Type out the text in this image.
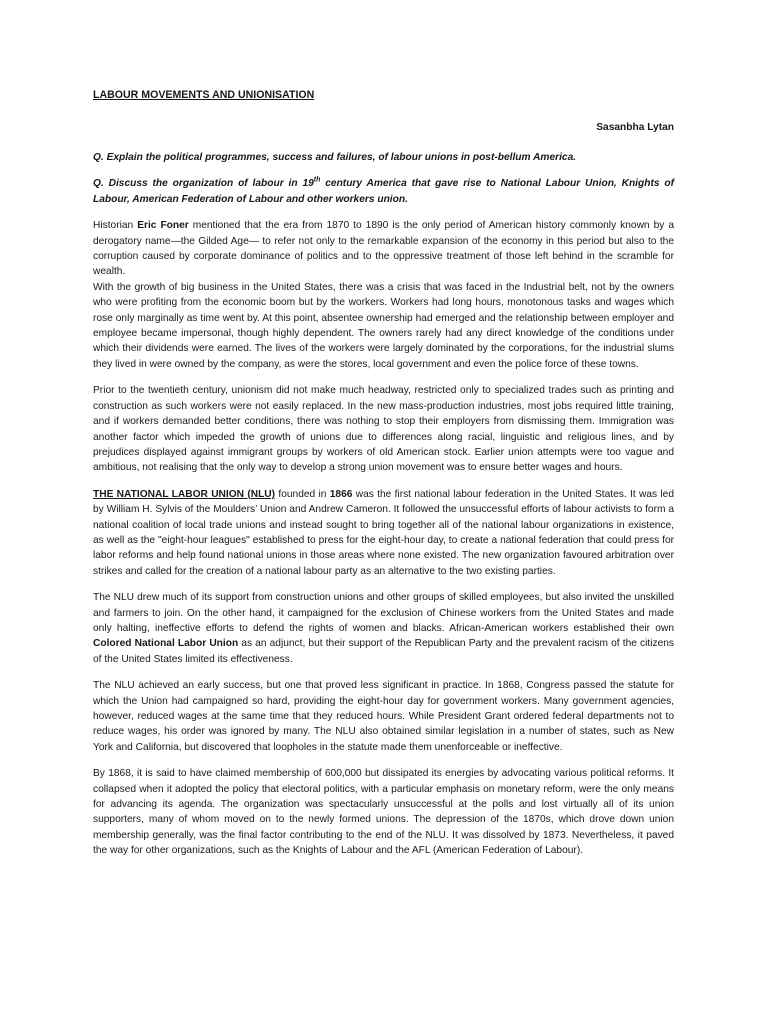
LABOUR MOVEMENTS AND UNIONISATION
Sasanbha Lytan
Q. Explain the political programmes, success and failures, of labour unions in post-bellum America.
Q. Discuss the organization of labour in 19th century America that gave rise to National Labour Union, Knights of Labour, American Federation of Labour and other workers union.
Historian Eric Foner mentioned that the era from 1870 to 1890 is the only period of American history commonly known by a derogatory name—the Gilded Age— to refer not only to the remarkable expansion of the economy in this period but also to the corruption caused by corporate dominance of politics and to the oppressive treatment of those left behind in the scramble for wealth.
With the growth of big business in the United States, there was a crisis that was faced in the Industrial belt, not by the owners who were profiting from the economic boom but by the workers. Workers had long hours, monotonous tasks and wages which rose only marginally as time went by. At this point, absentee ownership had emerged and the relationship between employer and employee became impersonal, though highly dependent. The owners rarely had any direct knowledge of the conditions under which their dividends were earned. The lives of the workers were largely dominated by the corporations, for the industrial slums they lived in were owned by the company, as were the stores, local government and even the police force of these towns.
Prior to the twentieth century, unionism did not make much headway, restricted only to specialized trades such as printing and construction as such workers were not easily replaced. In the new mass-production industries, most jobs required little training, and if workers demanded better conditions, there was nothing to stop their employers from dismissing them. Immigration was another factor which impeded the growth of unions due to differences along racial, linguistic and religious lines, and by prejudices displayed against immigrant groups by workers of old American stock. Earlier union attempts were too vague and ambitious, not realising that the only way to develop a strong union movement was to ensure better wages and hours.
THE NATIONAL LABOR UNION (NLU) founded in 1866 was the first national labour federation in the United States. It was led by William H. Sylvis of the Moulders’ Union and Andrew Cameron. It followed the unsuccessful efforts of labour activists to form a national coalition of local trade unions and instead sought to bring together all of the national labour organizations in existence, as well as the "eight-hour leagues" established to press for the eight-hour day, to create a national federation that could press for labor reforms and help found national unions in those areas where none existed. The new organization favoured arbitration over strikes and called for the creation of a national labour party as an alternative to the two existing parties.
The NLU drew much of its support from construction unions and other groups of skilled employees, but also invited the unskilled and farmers to join. On the other hand, it campaigned for the exclusion of Chinese workers from the United States and made only halting, ineffective efforts to defend the rights of women and blacks. African-American workers established their own Colored National Labor Union as an adjunct, but their support of the Republican Party and the prevalent racism of the citizens of the United States limited its effectiveness.
The NLU achieved an early success, but one that proved less significant in practice. In 1868, Congress passed the statute for which the Union had campaigned so hard, providing the eight-hour day for government workers. Many government agencies, however, reduced wages at the same time that they reduced hours. While President Grant ordered federal departments not to reduce wages, his order was ignored by many. The NLU also obtained similar legislation in a number of states, such as New York and California, but discovered that loopholes in the statute made them unenforceable or ineffective.
By 1868, it is said to have claimed membership of 600,000 but dissipated its energies by advocating various political reforms. It collapsed when it adopted the policy that electoral politics, with a particular emphasis on monetary reform, were the only means for advancing its agenda. The organization was spectacularly unsuccessful at the polls and lost virtually all of its union supporters, many of whom moved on to the newly formed unions. The depression of the 1870s, which drove down union membership generally, was the final factor contributing to the end of the NLU. It was dissolved by 1873. Nevertheless, it paved the way for other organizations, such as the Knights of Labour and the AFL (American Federation of Labour).
